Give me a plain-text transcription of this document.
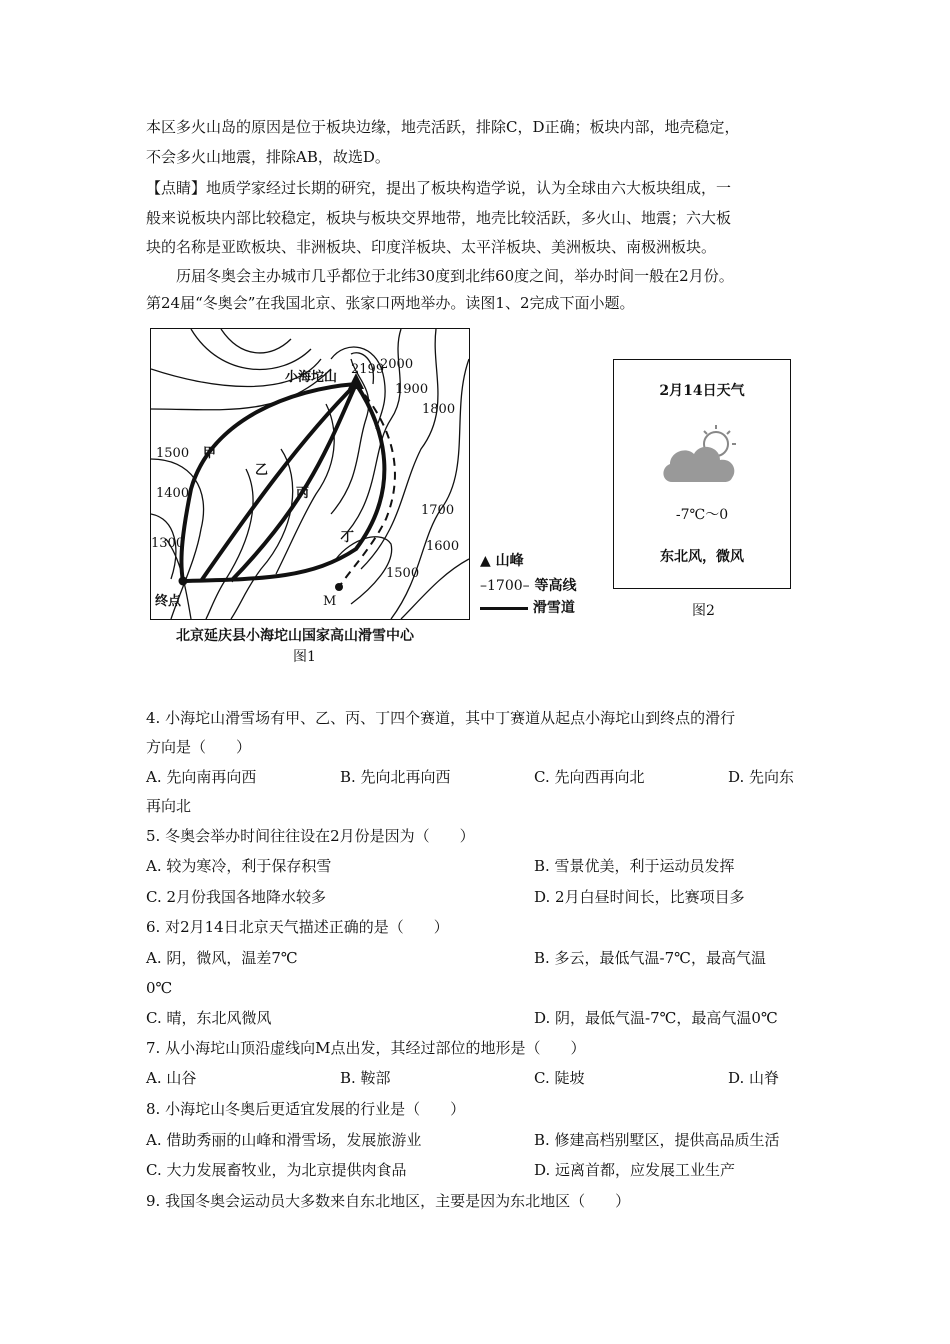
本区多火山岛的原因是位于板块边缘，地壳活跃，排除C，D正确；板块内部，地壳稳定，
不会多火山地震，排除AB，故选D。
【点睛】地质学家经过长期的研究，提出了板块构造学说，认为全球由六大板块组成，一
般来说板块内部比较稳定，板块与板块交界地带，地壳比较活跃，多火山、地震；六大板
块的名称是亚欧板块、非洲板块、印度洋板块、太平洋板块、美洲板块、南极洲板块。
历届冬奥会主办城市几乎都位于北纬30度到北纬60度之间，举办时间一般在2月份。
第24届“冬奥会”在我国北京、张家口两地举办。读图1、2完成下面小题。
小海坨山
2199
2000
1900
1800
1700
1600
1500
1500
1400
1300
甲
乙
丙
丁
M
终点
北京延庆县小海坨山国家高山滑雪中心
图1
▲ 山峰
–1700– 等高线
滑雪道
2月14日天气
-7℃～0
东北风，微风
图2
4. 小海坨山滑雪场有甲、乙、丙、丁四个赛道，其中丁赛道从起点小海坨山到终点的滑行
方向是（　　）
A. 先向南再向西	B. 先向北再向西	C. 先向西再向北	D. 先向东
再向北
5. 冬奥会举办时间往往设在2月份是因为（　　）
A. 较为寒冷，利于保存积雪	B. 雪景优美，利于运动员发挥
C. 2月份我国各地降水较多	D. 2月白昼时间长，比赛项目多
6. 对2月14日北京天气描述正确的是（　　）
A. 阴，微风，温差7℃	B. 多云，最低气温-7℃，最高气温
0℃
C. 晴，东北风微风	D. 阴，最低气温-7℃，最高气温0℃
7. 从小海坨山顶沿虚线向M点出发，其经过部位的地形是（　　）
A. 山谷	B. 鞍部	C. 陡坡	D. 山脊
8. 小海坨山冬奥后更适宜发展的行业是（　　）
A. 借助秀丽的山峰和滑雪场，发展旅游业	B. 修建高档别墅区，提供高品质生活
C. 大力发展畜牧业，为北京提供肉食品	D. 远离首都，应发展工业生产
9. 我国冬奥会运动员大多数来自东北地区，主要是因为东北地区（　　）
